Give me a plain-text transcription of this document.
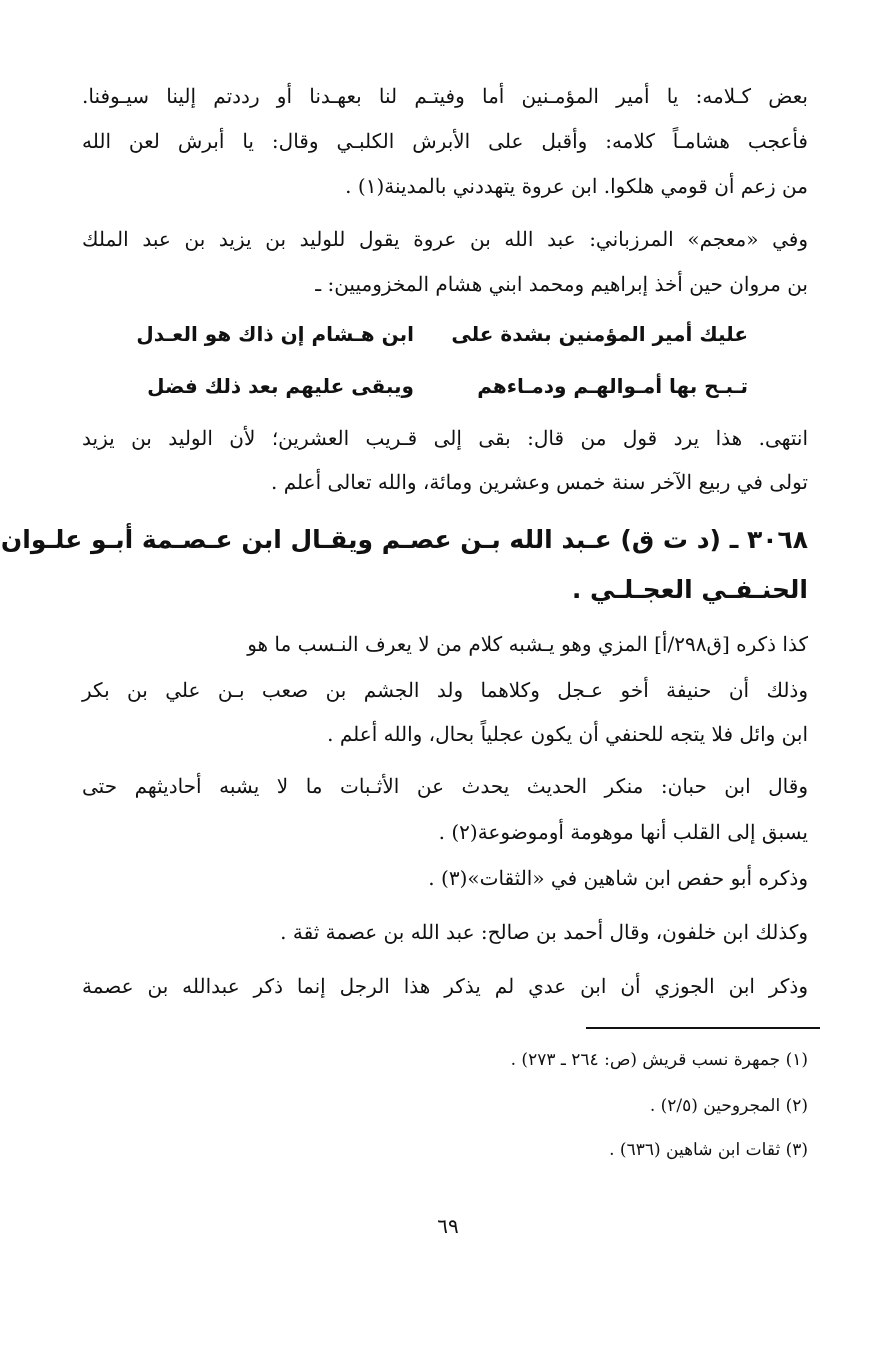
بعض كـلامه: يا أمير المؤمـنين أما وفيتـم لنا بعهـدنا أو رددتم إلينا سيـوفنا.
فأعجب هشامـاً كلامه: وأقبل على الأبرش الكلبـي وقال: يا أبرش لعن الله
من زعم أن قومي هلكوا. ابن عروة يتهددني بالمدينة(١) .
وفي «معجم» المرزباني: عبد الله بن عروة يقول للوليد بن يزيد بن عبد الملك
بن مروان حين أخذ إبراهيم ومحمد ابني هشام المخزوميين: ـ
عليك أمير المؤمنين بشدة على
ابن هـشام إن ذاك هو العـدل
تـبـح بها أمـوالهـم ودمـاءهم
ويبقى عليهم بعد ذلك فضل
انتهى. هذا يرد قول من قال: بقى إلى قـريب العشرين؛ لأن الوليد بن يزيد
تولى في ربيع الآخر سنة خمس وعشرين ومائة، والله تعالى أعلم .
٣٠٦٨ ـ (د ت ق) عـبد الله بـن عصـم ويقـال ابن عـصـمة أبـو علـوان
الحنـفـي العجـلـي .
كذا ذكره [ق٢٩٨/أ] المزي وهو يـشبه كلام من لا يعرف النـسب ما هو
وذلك أن حنيفة أخو عـجل وكلاهما ولد الجشم بن صعب بـن علي بن بكر
ابن وائل فلا يتجه للحنفي أن يكون عجلياً بحال، والله أعلم .
وقال ابن حبان: منكر الحديث يحدث عن الأثـبات ما لا يشبه أحاديثهم حتى
يسبق إلى القلب أنها موهومة أوموضوعة(٢) .
وذكره أبو حفص ابن شاهين في «الثقات»(٣) .
وكذلك ابن خلفون، وقال أحمد بن صالح: عبد الله بن عصمة ثقة .
وذكر ابن الجوزي أن ابن عدي لم يذكر هذا الرجل إنما ذكر عبدالله بن عصمة
(١) جمهرة نسب قريش (ص: ٢٦٤ ـ ٢٧٣) .
(٢) المجروحين (٢/٥) .
(٣) ثقات ابن شاهين (٦٣٦) .
٦٩
